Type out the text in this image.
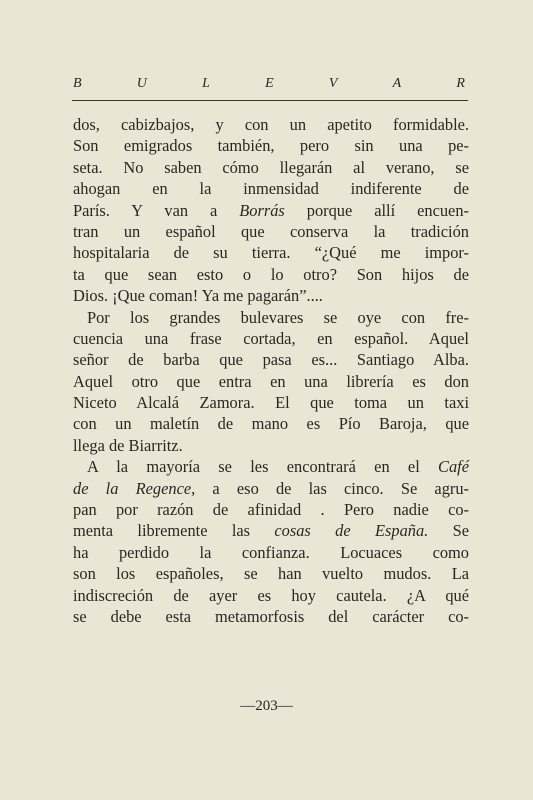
B	U	L	E	V	A	R
dos, cabizbajos, y con un apetito formidable.
Son emigrados también, pero sin una pe-
seta. No saben cómo llegarán al verano, se
ahogan en la inmensidad indiferente de
París. Y van a Borrás porque allí encuen-
tran un español que conserva la tradición
hospitalaria de su tierra. “¿Qué me impor-
ta que sean esto o lo otro? Son hijos de
Dios. ¡Que coman! Ya me pagarán”....
Por los grandes bulevares se oye con fre-
cuencia una frase cortada, en español. Aquel
señor de barba que pasa es... Santiago Alba.
Aquel otro que entra en una librería es don
Niceto Alcalá Zamora. El que toma un taxi
con un maletín de mano es Pío Baroja, que
llega de Biarritz.
A la mayoría se les encontrará en el Café
de la Regence, a eso de las cinco. Se agru-
pan por razón de afinidad . Pero nadie co-
menta libremente las cosas de España. Se
ha perdido la confianza. Locuaces como
son los españoles, se han vuelto mudos. La
indiscreción de ayer es hoy cautela. ¿A qué
se debe esta metamorfosis del carácter co-
—203—
